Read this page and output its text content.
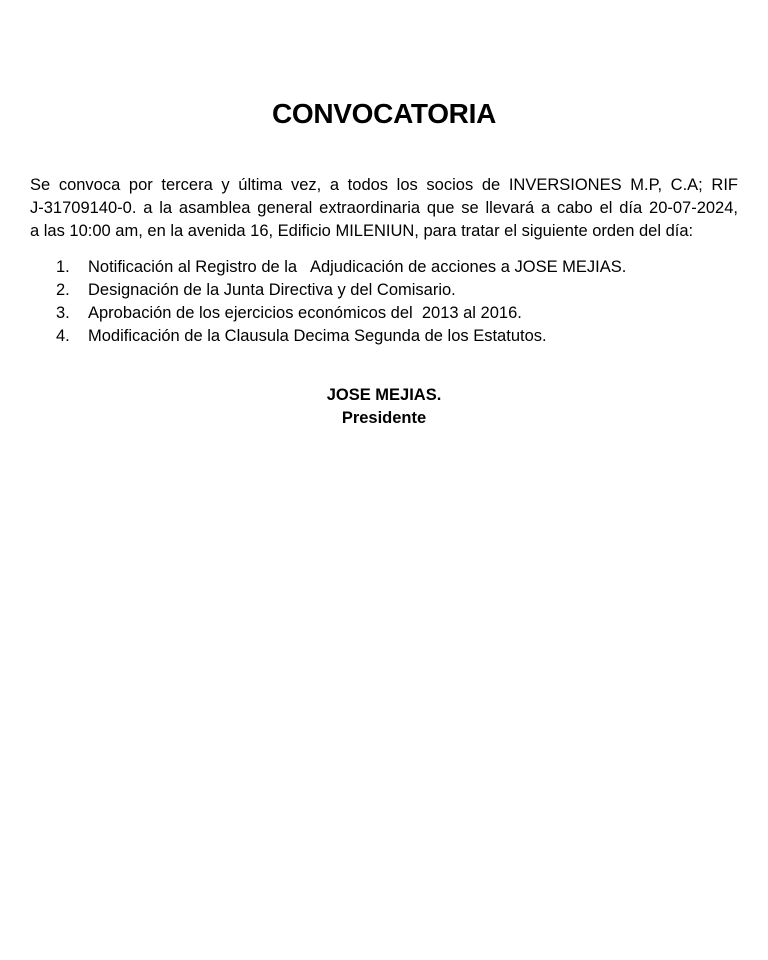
CONVOCATORIA
Se convoca por tercera y última vez, a todos los socios de INVERSIONES M.P, C.A; RIF
J-31709140-0. a la asamblea general extraordinaria que se llevará a cabo el día 20-07-2024,
a las 10:00 am, en la avenida 16, Edificio MILENIUN, para tratar el siguiente orden del día:
1.	Notificación al Registro de la   Adjudicación de acciones a JOSE MEJIAS.
2.	Designación de la Junta Directiva y del Comisario.
3.	Aprobación de los ejercicios económicos del  2013 al 2016.
4.	Modificación de la Clausula Decima Segunda de los Estatutos.
JOSE MEJIAS.
Presidente
